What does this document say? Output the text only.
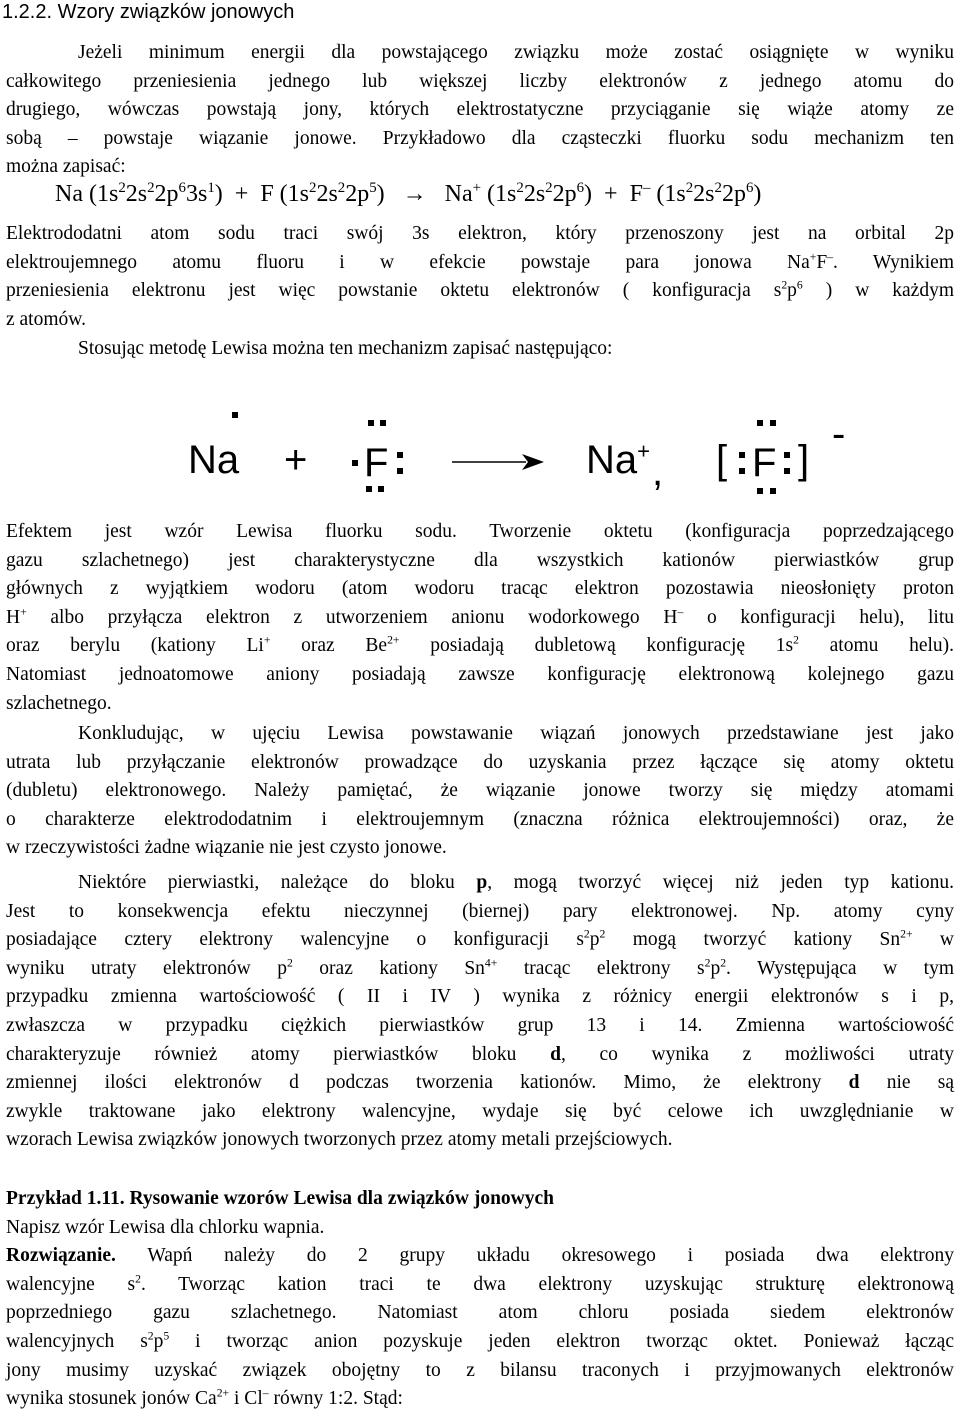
1.2.2. Wzory związków jonowych
Jeżeli minimum energii dla powstającego związku może zostać osiągnięte w wyniku
całkowitego przeniesienia jednego lub większej liczby elektronów z jednego atomu do
drugiego, wówczas powstają jony, których elektrostatyczne przyciąganie się wiąże atomy ze
sobą – powstaje wiązanie jonowe. Przykładowo dla cząsteczki fluorku sodu mechanizm ten
można zapisać:
Na $(1s^22s^22p^63s^1) + F$ $(1s^22s^22p^5) \to Na^+$ $(1s^22s^22p^6) + F^-$ $(1s^22s^22p^6)$
Elektrododatni atom sodu traci swój 3s elektron, który przenoszony jest na orbital 2p
elektroujemnego atomu fluoru i w efekcie powstaje para jonowa Na+F–. Wynikiem
przeniesienia elektronu jest więc powstanie oktetu elektronów ( konfiguracja $s^2p^6$ ) w każdym
z atomów.
Stosując metodę Lewisa można ten mechanizm zapisać następująco:
Na + F	Na+ , [ F ]
-
Efektem jest wzór Lewisa fluorku sodu. Tworzenie oktetu (konfiguracja poprzedzającego
gazu szlachetnego) jest charakterystyczne dla wszystkich kationów pierwiastków grup
głównych z wyjątkiem wodoru (atom wodoru tracąc elektron pozostawia nieosłonięty proton
H+ albo przyłącza elektron z utworzeniem anionu wodorkowego H– o konfiguracji helu), litu
oraz berylu (kationy Li+ oraz $Be^{2+}$ posiadają dubletową konfigurację $1s^2$ atomu helu).
Natomiast jednoatomowe aniony posiadają zawsze konfigurację elektronową kolejnego gazu
szlachetnego.
Konkludując, w ujęciu Lewisa powstawanie wiązań jonowych przedstawiane jest jako
utrata lub przyłączanie elektronów prowadzące do uzyskania przez łączące się atomy oktetu
(dubletu) elektronowego. Należy pamiętać, że wiązanie jonowe tworzy się między atomami
o charakterze elektrododatnim i elektroujemnym (znaczna różnica elektroujemności) oraz, że
w rzeczywistości żadne wiązanie nie jest czysto jonowe.
Niektóre pierwiastki, należące do bloku p, mogą tworzyć więcej niż jeden typ kationu.
Jest to konsekwencja efektu nieczynnej (biernej) pary elektronowej. Np. atomy cyny
posiadające cztery elektrony walencyjne o konfiguracji $s^2p^2$ mogą tworzyć kationy $Sn^{2+}$ w
wyniku utraty elektronów $p^2$ oraz kationy $Sn^{4+}$ tracąc elektrony $s^2p^2$. Występująca w tym
przypadku zmienna wartościowość ( II i IV ) wynika z różnicy energii elektronów s i p,
zwłaszcza w przypadku ciężkich pierwiastków grup 13 i 14. Zmienna wartościowość
charakteryzuje również atomy pierwiastków bloku d, co wynika z możliwości utraty
zmiennej ilości elektronów d podczas tworzenia kationów. Mimo, że elektrony d nie są
zwykle traktowane jako elektrony walencyjne, wydaje się być celowe ich uwzględnianie w
wzorach Lewisa związków jonowych tworzonych przez atomy metali przejściowych.
Przykład 1.11. Rysowanie wzorów Lewisa dla związków jonowych
Napisz wzór Lewisa dla chlorku wapnia.
Rozwiązanie. Wapń należy do 2 grupy układu okresowego i posiada dwa elektrony
walencyjne $s^2$. Tworząc kation traci te dwa elektrony uzyskując strukturę elektronową
poprzedniego gazu szlachetnego. Natomiast atom chloru posiada siedem elektronów
walencyjnych $s^2p^5$ i tworząc anion pozyskuje jeden elektron tworząc oktet. Ponieważ łącząc
jony musimy uzyskać związek obojętny to z bilansu traconych i przyjmowanych elektronów
wynika stosunek jonów $Ca^{2+}$ i Cl– równy 1:2. Stąd:
